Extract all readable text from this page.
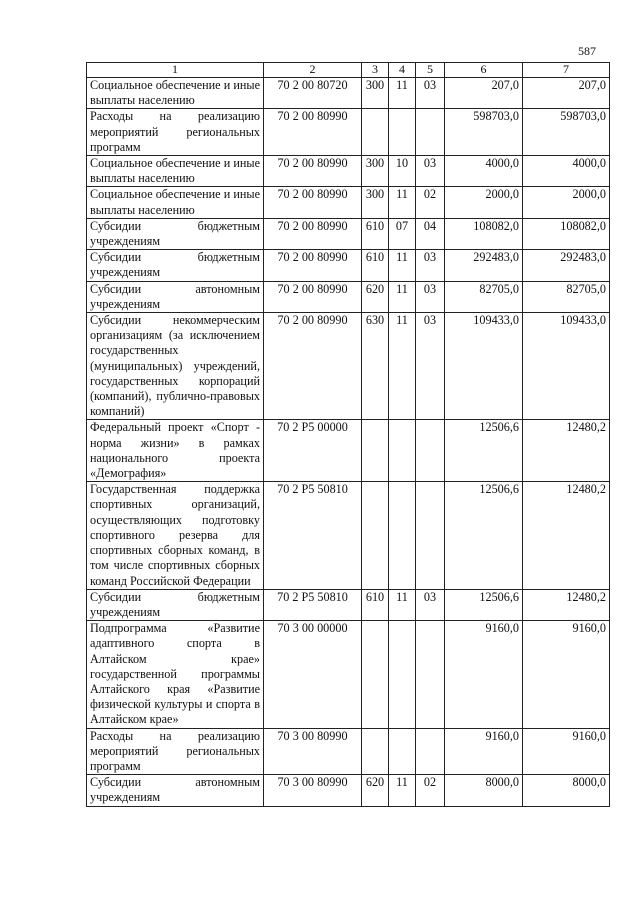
587
1	2	3	4	5	6	7
Социальное обеспечение и иные выплаты населению	70 2 00 80720	300	11	03	207,0	207,0
Расходы на реализацию мероприятий региональных программ	70 2 00 80990				598703,0	598703,0
Социальное обеспечение и иные выплаты населению	70 2 00 80990	300	10	03	4000,0	4000,0
Социальное обеспечение и иные выплаты населению	70 2 00 80990	300	11	02	2000,0	2000,0
Субсидии бюджетным учреждениям	70 2 00 80990	610	07	04	108082,0	108082,0
Субсидии бюджетным учреждениям	70 2 00 80990	610	11	03	292483,0	292483,0
Субсидии автономным учреждениям	70 2 00 80990	620	11	03	82705,0	82705,0
Субсидии некоммерческим организациям (за исключением государственных (муниципальных) учреждений, государственных корпораций (компаний), публично-правовых компаний)	70 2 00 80990	630	11	03	109433,0	109433,0
Федеральный проект «Спорт - норма жизни» в рамках национального проекта «Демография»	70 2 P5 00000				12506,6	12480,2
Государственная поддержка спортивных организаций, осуществляющих подготовку спортивного резерва для спортивных сборных команд, в том числе спортивных сборных команд Российской Федерации	70 2 P5 50810				12506,6	12480,2
Субсидии бюджетным учреждениям	70 2 P5 50810	610	11	03	12506,6	12480,2
Подпрограмма «Развитие адаптивного спорта в Алтайском крае» государственной программы Алтайского края «Развитие физической культуры и спорта в Алтайском крае»	70 3 00 00000				9160,0	9160,0
Расходы на реализацию мероприятий региональных программ	70 3 00 80990				9160,0	9160,0
Субсидии автономным учреждениям	70 3 00 80990	620	11	02	8000,0	8000,0
